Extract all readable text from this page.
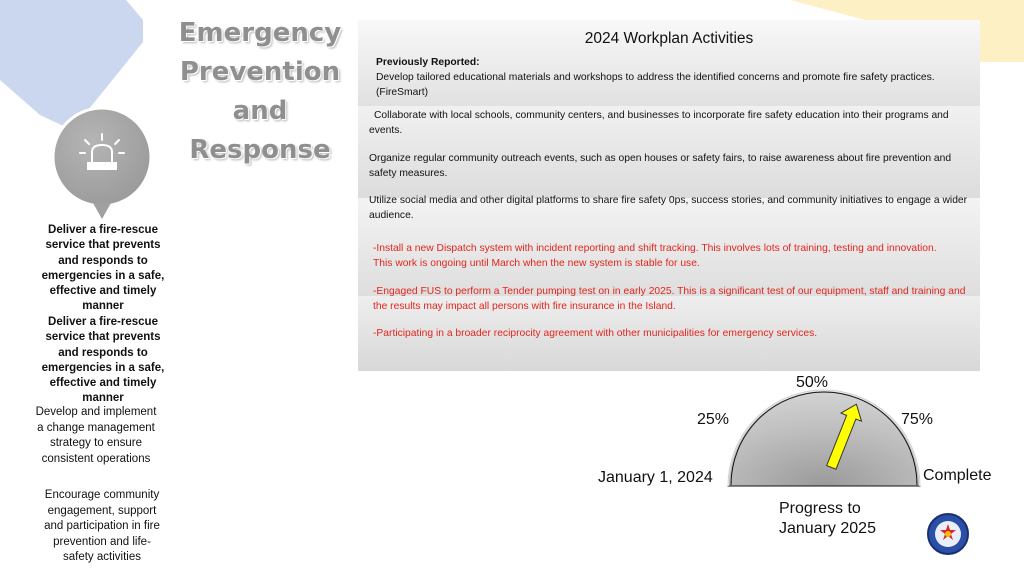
Emergency
Prevention
and Response
Deliver a fire-rescue service that prevents and responds to emergencies in a safe, effective and timely manner
Deliver a fire-rescue service that prevents and responds to emergencies in a safe, effective and timely manner
Develop and implement a change management strategy to ensure consistent operations
Encourage community engagement, support and participation in fire prevention and life-safety activities
2024 Workplan Activities
Previously Reported:
Develop tailored educational materials and workshops to address the identified concerns and promote fire safety practices. (FireSmart)
Collaborate with local schools, community centers, and businesses to incorporate fire safety education into their programs and events.
Organize regular community outreach events, such as open houses or safety fairs, to raise awareness about fire prevention and safety measures.
Utilize social media and other digital platforms to share fire safety 0ps, success stories, and community initiatives to engage a wider audience.
-Install a new Dispatch system with incident reporting and shift tracking. This involves lots of training, testing and innovation. This work is ongoing until March when the new system is stable for use.
-Engaged FUS to perform a Tender pumping test on in early 2025. This is a significant test of our equipment, staff and training and the results may impact all persons with fire insurance in the Island.
-Participating in a broader reciprocity agreement with other municipalities for emergency services.
50%
25%	75%
January 1, 2024	Complete
Progress to
January 2025
